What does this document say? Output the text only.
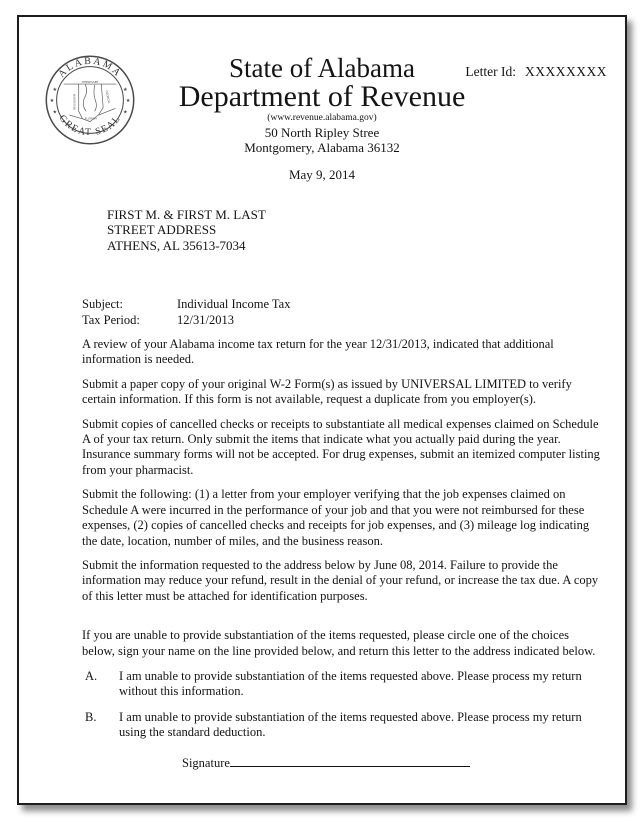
ALABAMA
GREAT SEAL
★
★
★
★
★
★
TENNESSEE
MISSISSIPPI	GEORGIA
FLORIDA
Letter Id: XXXXXXXX
State of Alabama
Department of Revenue
(www.revenue.alabama.gov)
50 North Ripley Stree
Montgomery, Alabama 36132
May 9, 2014
FIRST M. & FIRST M. LAST
STREET ADDRESS
ATHENS, AL 35613-7034
Subject:	Individual Income Tax
Tax Period:	12/31/2013

A review of your Alabama income tax return for the year 12/31/2013, indicated that additional information is needed.

Submit a paper copy of your original W-2 Form(s) as issued by UNIVERSAL LIMITED to verify certain information. If this form is not available, request a duplicate from you employer(s).

Submit copies of cancelled checks or receipts to substantiate all medical expenses claimed on Schedule A of your tax return. Only submit the items that indicate what you actually paid during the year. Insurance summary forms will not be accepted. For drug expenses, submit an itemized computer listing from your pharmacist.

Submit the following: (1) a letter from your employer verifying that the job expenses claimed on Schedule A were incurred in the performance of your job and that you were not reimbursed for these expenses, (2) copies of cancelled checks and receipts for job expenses, and (3) mileage log indicating the date, location, number of miles, and the business reason.

Submit the information requested to the address below by June 08, 2014. Failure to provide the information may reduce your refund, result in the denial of your refund, or increase the tax due. A copy of this letter must be attached for identification purposes.

If you are unable to provide substantiation of the items requested, please circle one of the choices below, sign your name on the line provided below, and return this letter to the address indicated below.

A.	I am unable to provide substantiation of the items requested above. Please process my return without this information.
B.	I am unable to provide substantiation of the items requested above. Please process my return using the standard deduction.
Signature
